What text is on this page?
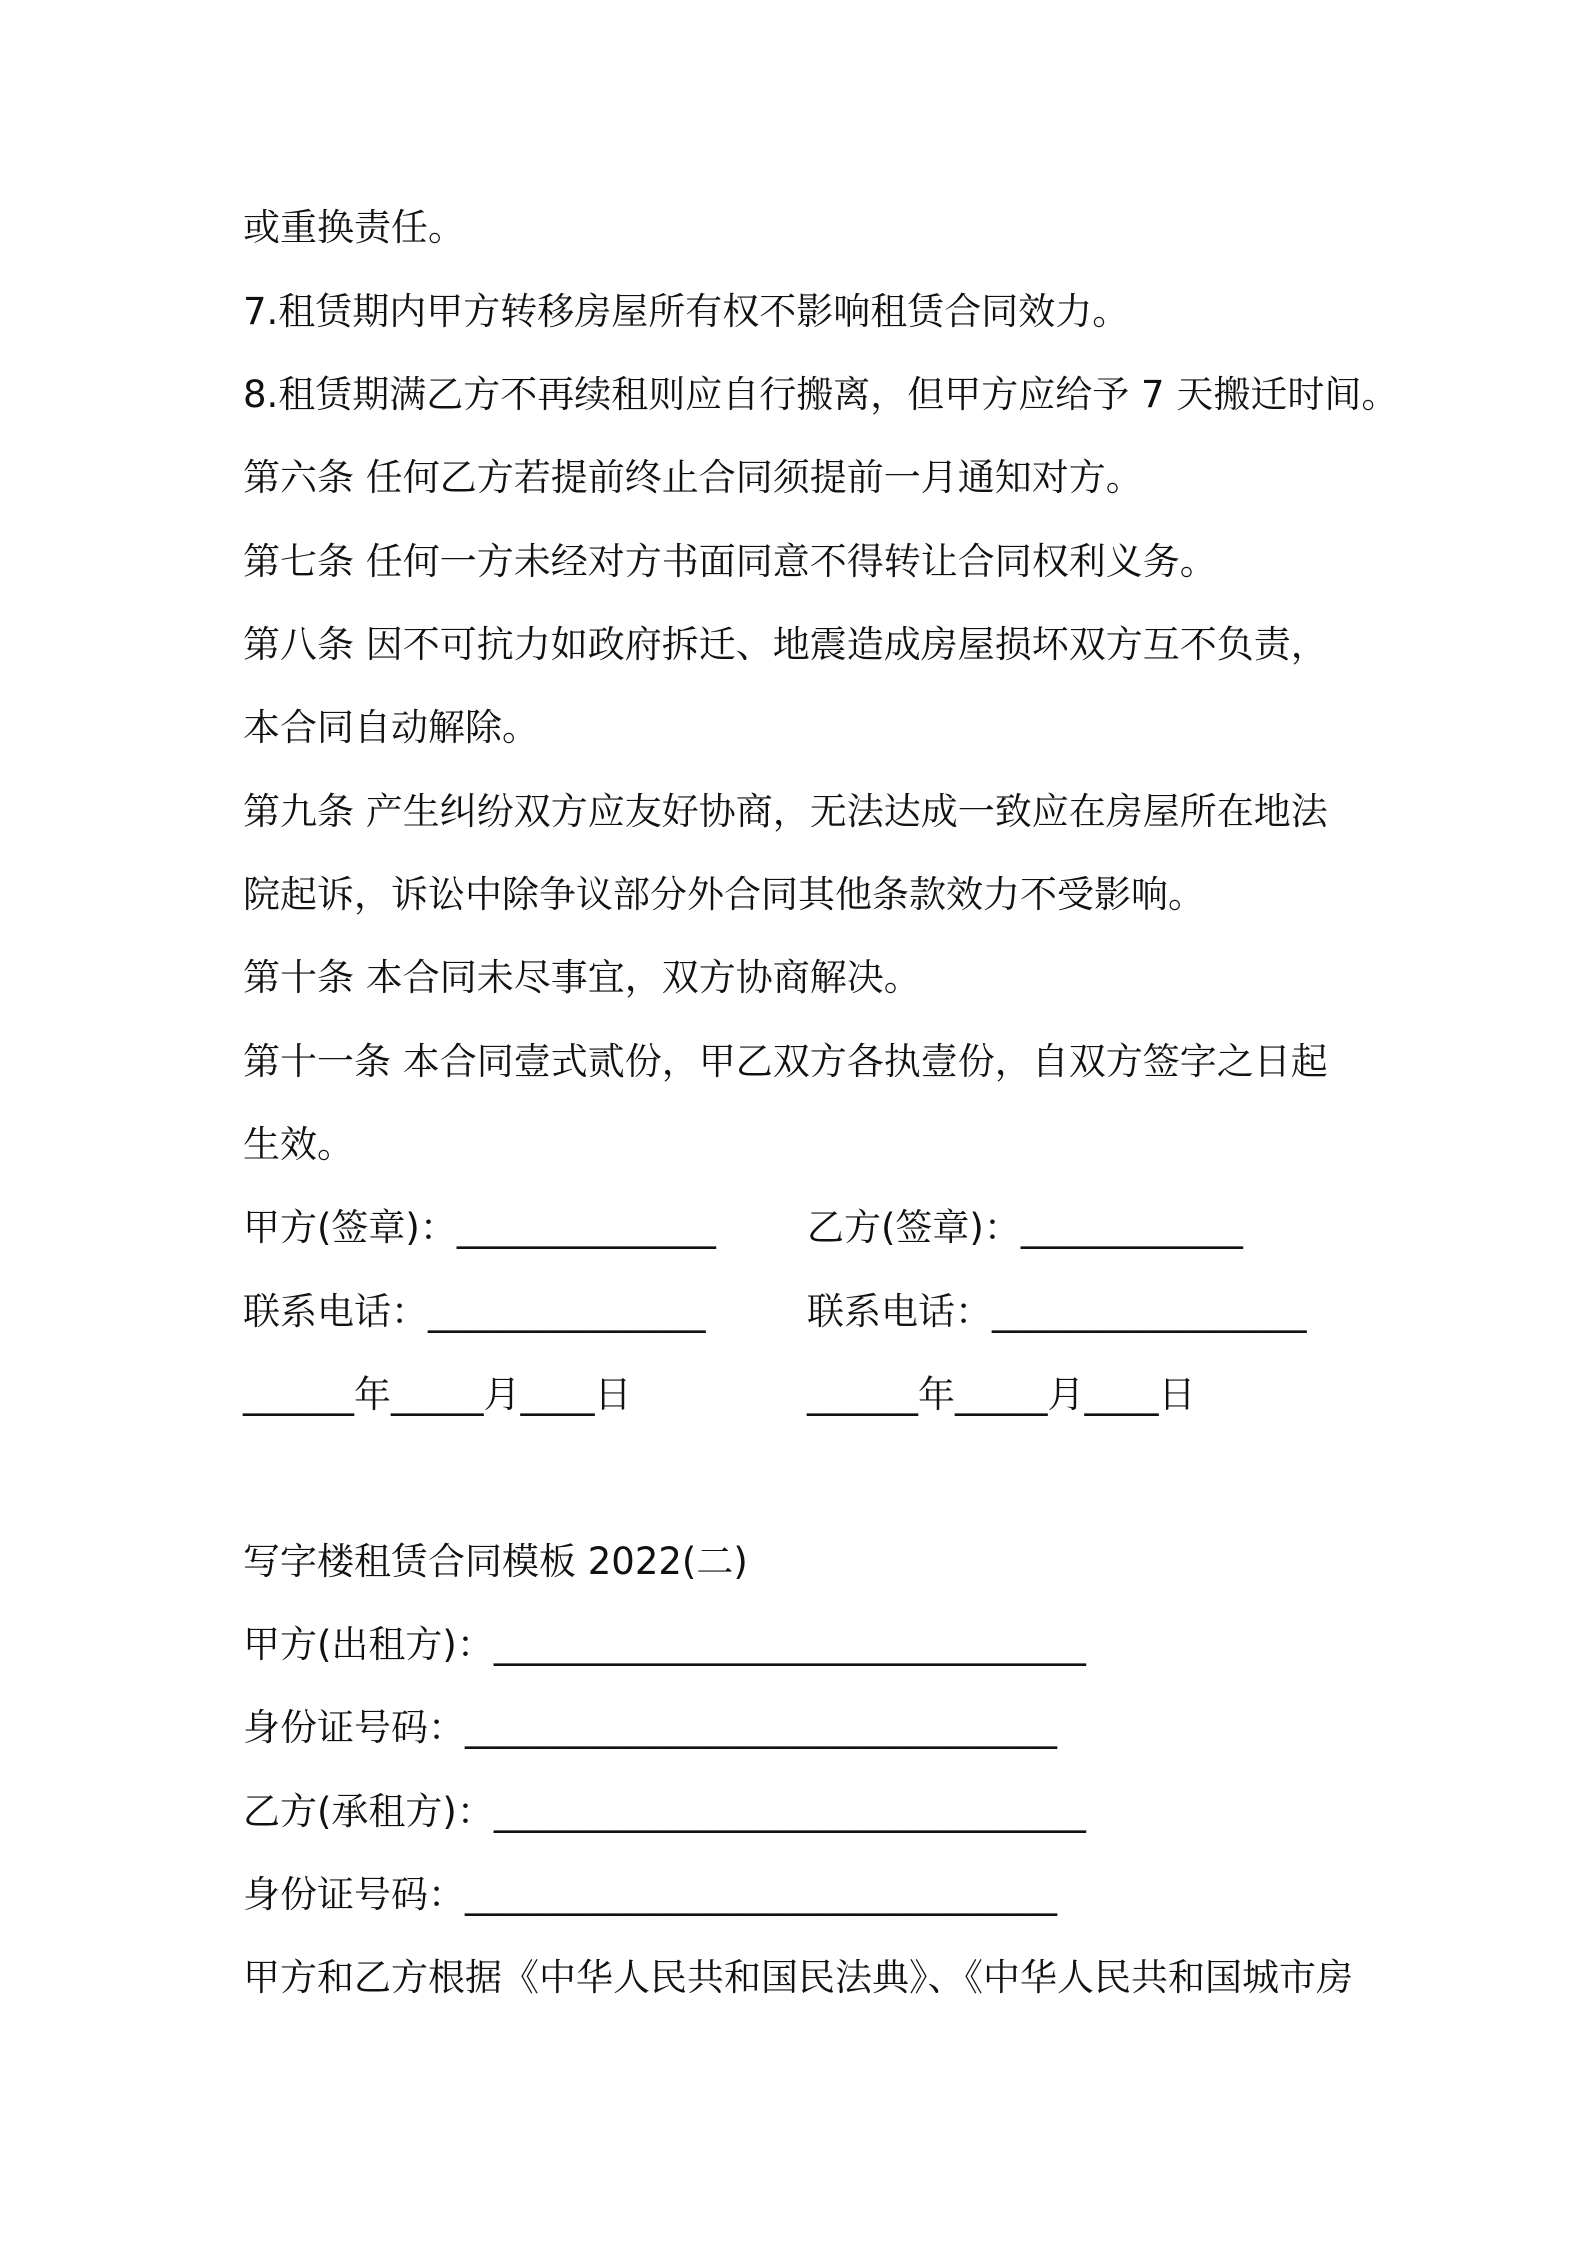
或重换责任。
7.租赁期内甲方转移房屋所有权不影响租赁合同效力。
8.租赁期满乙方不再续租则应自行搬离，但甲方应给予 7 天搬迁时间。
第六条 任何乙方若提前终止合同须提前一月通知对方。
第七条 任何一方未经对方书面同意不得转让合同权利义务。
第八条 因不可抗力如政府拆迁、地震造成房屋损坏双方互不负责，
本合同自动解除。
第九条 产生纠纷双方应友好协商，无法达成一致应在房屋所在地法
院起诉，诉讼中除争议部分外合同其他条款效力不受影响。
第十条 本合同未尽事宜，双方协商解决。
第十一条 本合同壹式贰份，甲乙双方各执壹份，自双方签字之日起
生效。
甲方(签章)：______________ 乙方(签章)：____________
联系电话：_______________	联系电话：_________________
______年_____月____日	______年_____月____日
写字楼租赁合同模板 2022(二)
甲方(出租方)：________________________________
身份证号码：________________________________
乙方(承租方)：________________________________
身份证号码：________________________________
甲方和乙方根据《中华人民共和国民法典》、《中华人民共和国城市房
